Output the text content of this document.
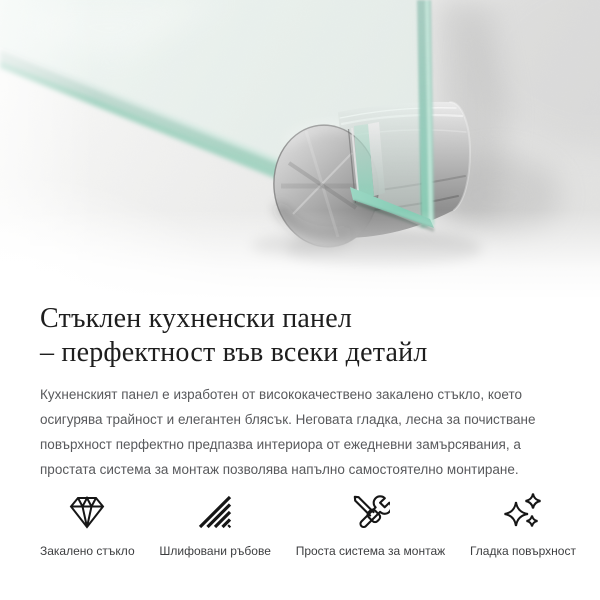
Стъклен кухненски панел
– перфектност във всеки детайл

Кухненският панел е изработен от висококачествено закалено стъкло, което осигурява трайност и елегантен блясък. Неговата гладка, лесна за почистване повърхност перфектно предпазва интериора от ежедневни замърсявания, а простата система за монтаж позволява напълно самостоятелно монтиране.

Закалено стъкло Шлифовани ръбове Проста система за монтаж Гладка повърхност
